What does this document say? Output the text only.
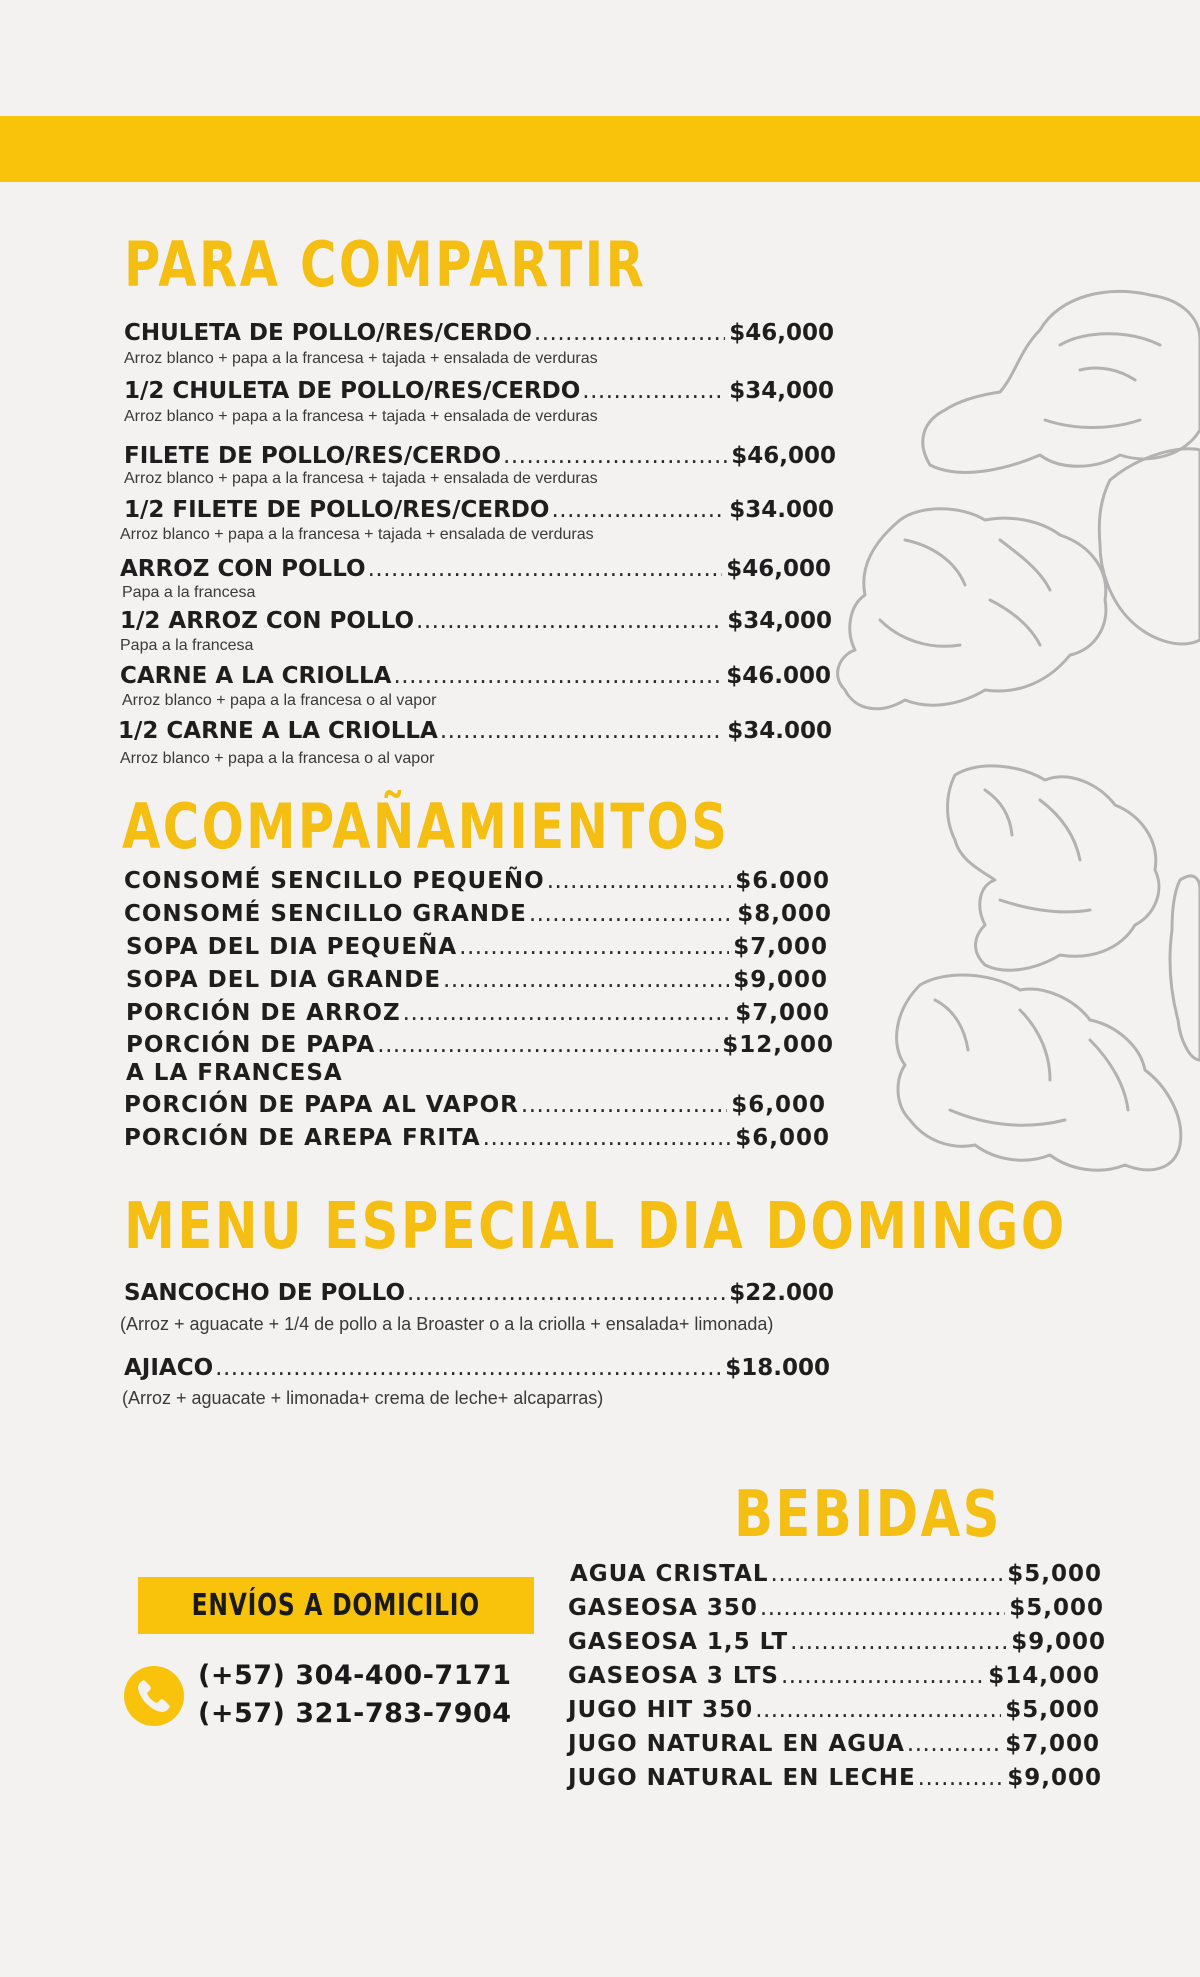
PARA COMPARTIR
CHULETA DE POLLO/RES/CERDO .....	$46,000
Arroz blanco + papa a la francesa + tajada + ensalada de verduras
1/2 CHULETA DE POLLO/RES/CERDO .....	$34,000
Arroz blanco + papa a la francesa + tajada + ensalada de verduras
FILETE DE POLLO/RES/CERDO .....	$46,000
Arroz blanco + papa a la francesa + tajada + ensalada de verduras
1/2 FILETE DE POLLO/RES/CERDO .....	$34.000
Arroz blanco + papa a la francesa + tajada + ensalada de verduras
ARROZ CON POLLO .....	$46,000
Papa a la francesa
1/2 ARROZ CON POLLO .....	$34,000
Papa a la francesa
CARNE A LA CRIOLLA .....	$46.000
Arroz blanco + papa a la francesa o al vapor
1/2 CARNE A LA CRIOLLA .....	$34.000
Arroz blanco + papa a la francesa o al vapor
ACOMPAÑAMIENTOS
CONSOMÉ SENCILLO PEQUEÑO .....	$6.000
CONSOMÉ SENCILLO GRANDE .....	$8,000
SOPA DEL DIA PEQUEÑA .....	$7,000
SOPA DEL DIA GRANDE .....	$9,000
PORCIÓN DE ARROZ .....	$7,000
PORCIÓN DE PAPA .....	$12,000
A LA FRANCESA
PORCIÓN DE PAPA AL VAPOR .....	$6,000
PORCIÓN DE AREPA FRITA .....	$6,000
MENU ESPECIAL DIA DOMINGO
SANCOCHO DE POLLO .....	$22.000
(Arroz + aguacate + 1/4 de pollo a la Broaster o a la criolla + ensalada+ limonada)
AJIACO .....	$18.000
(Arroz + aguacate + limonada+ crema de leche+ alcaparras)
BEBIDAS
AGUA CRISTAL .....	$5,000
GASEOSA 350 .....	$5,000
GASEOSA 1,5 LT .....	$9,000
GASEOSA 3 LTS .....	$14,000
JUGO HIT 350 .....	$5,000
JUGO NATURAL EN AGUA .....	$7,000
JUGO NATURAL EN LECHE .....	$9,000
ENVÍOS A DOMICILIO
(+57) 304-400-7171
(+57) 321-783-7904
